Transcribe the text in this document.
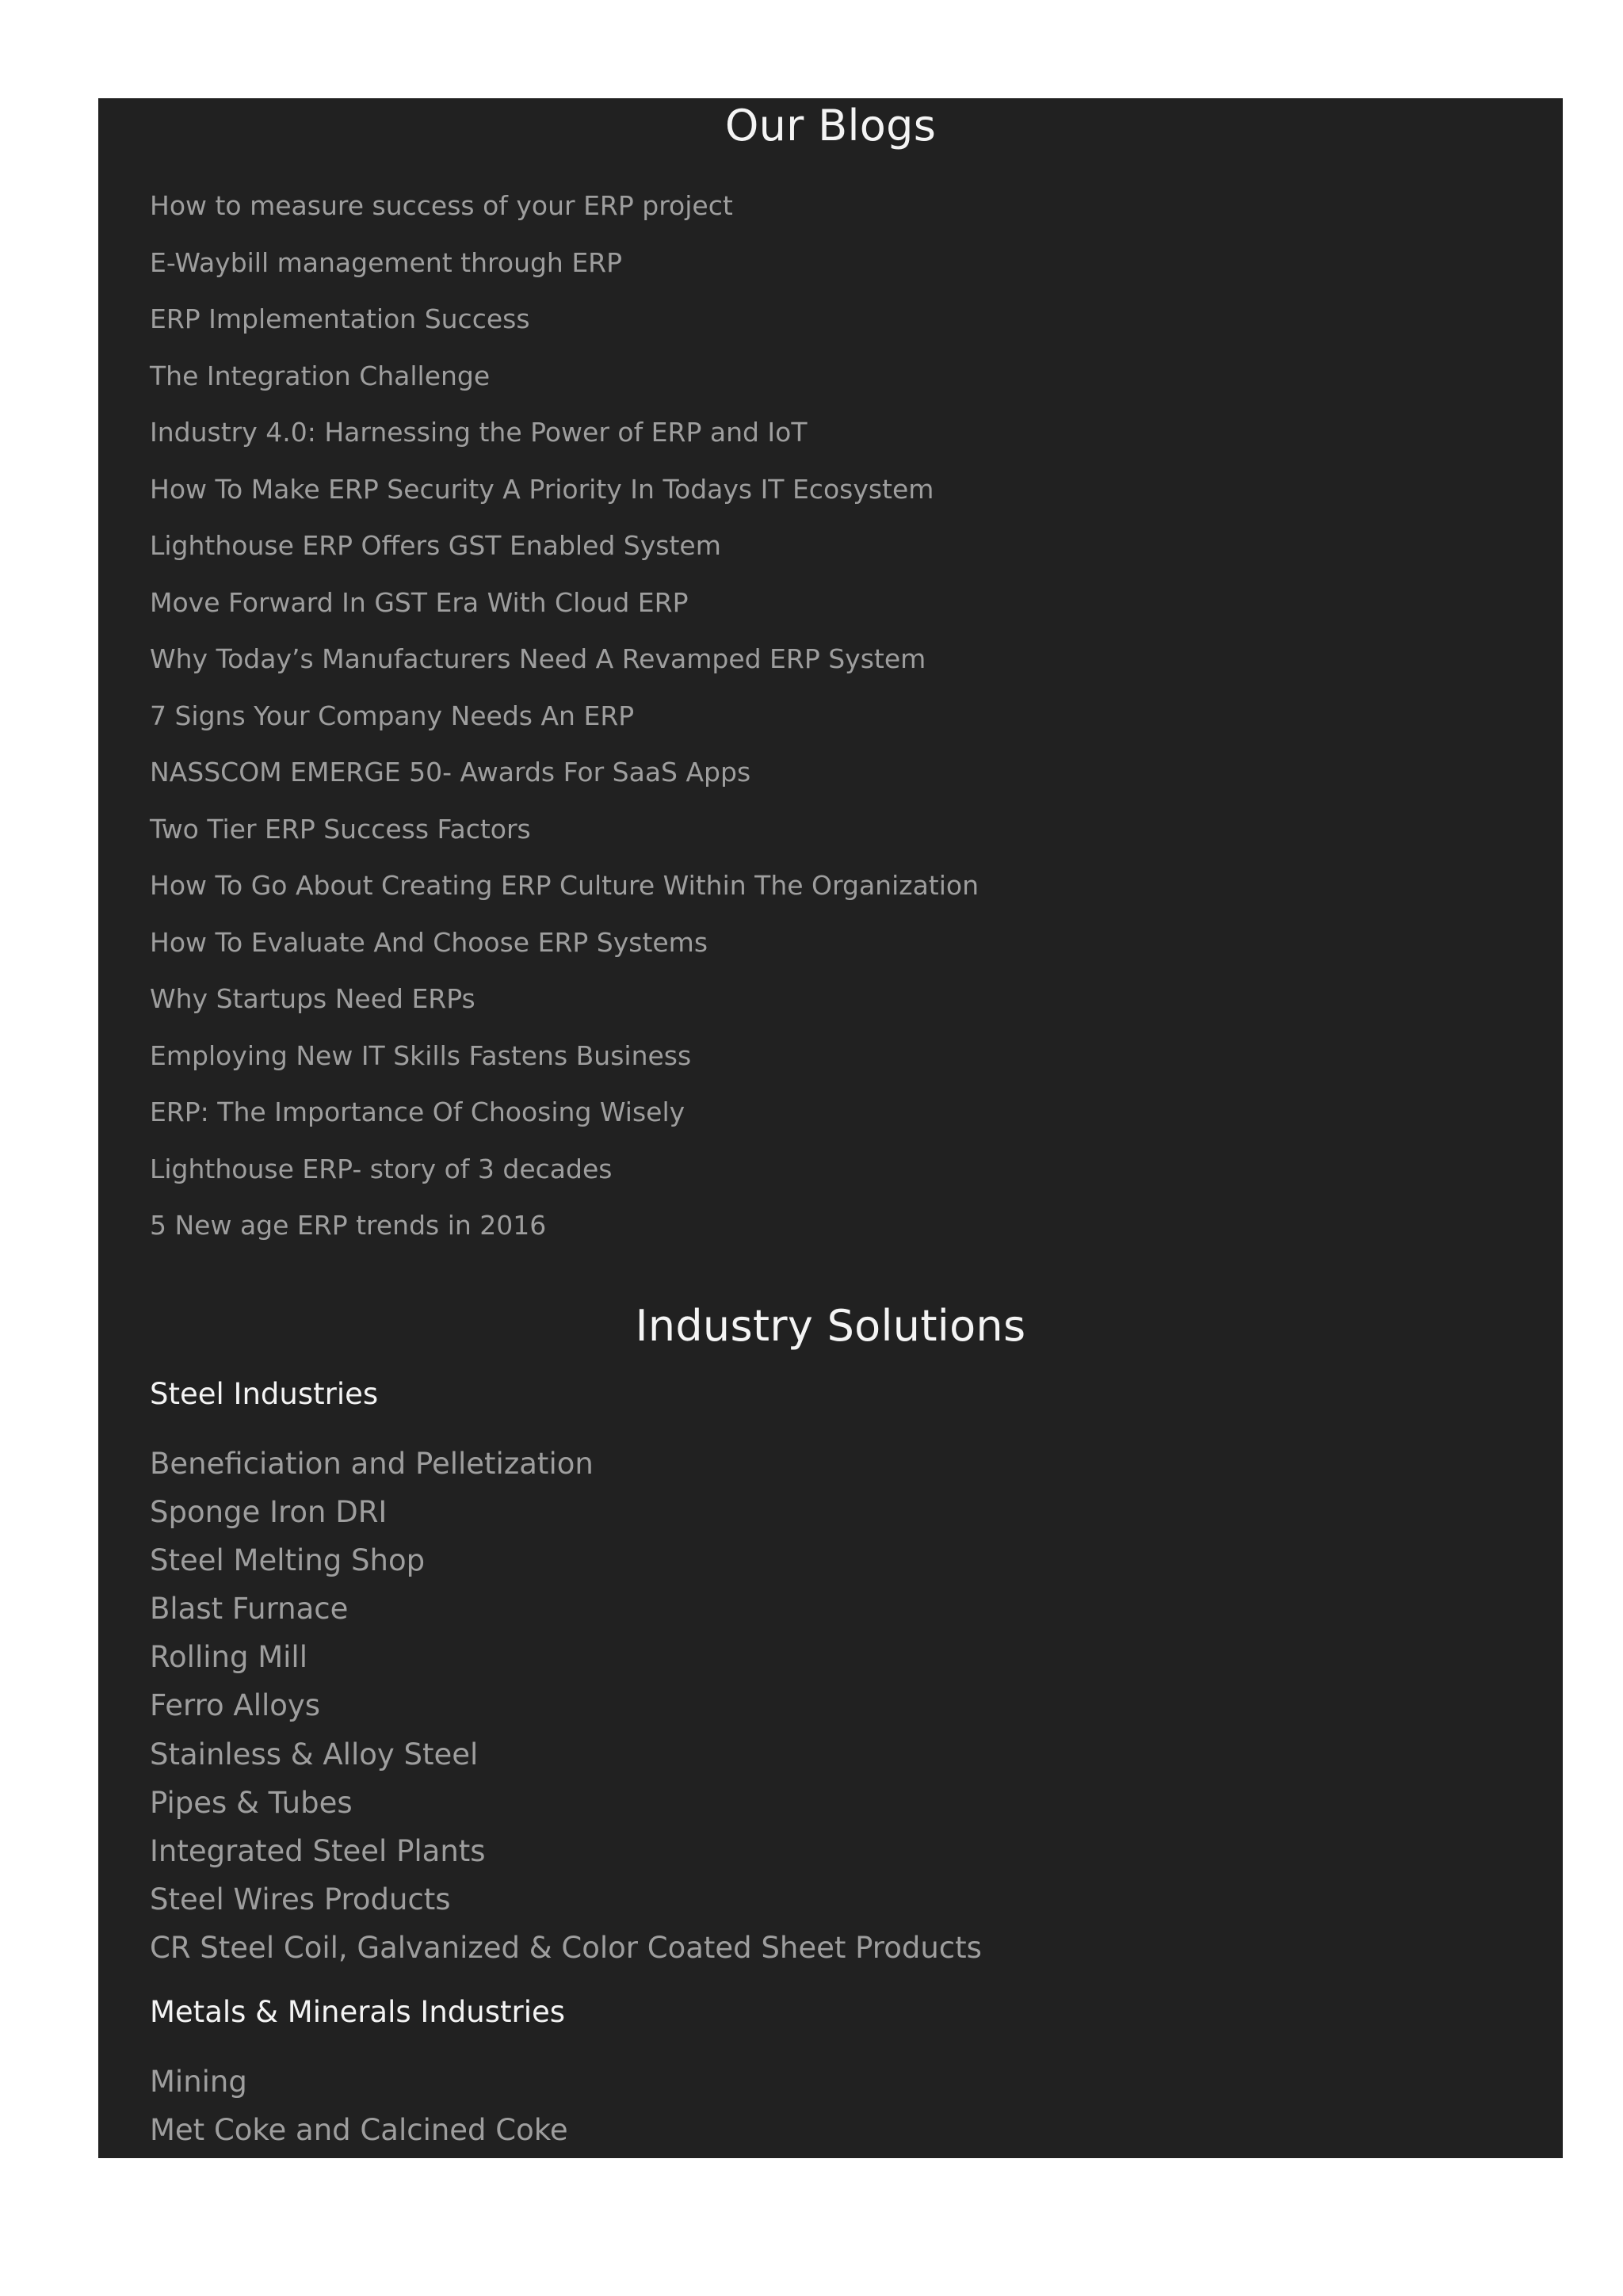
Our Blogs
How to measure success of your ERP project
E-Waybill management through ERP
ERP Implementation Success
The Integration Challenge
Industry 4.0: Harnessing the Power of ERP and IoT
How To Make ERP Security A Priority In Todays IT Ecosystem
Lighthouse ERP Offers GST Enabled System
Move Forward In GST Era With Cloud ERP
Why Today’s Manufacturers Need A Revamped ERP System
7 Signs Your Company Needs An ERP
NASSCOM EMERGE 50- Awards For SaaS Apps
Two Tier ERP Success Factors
How To Go About Creating ERP Culture Within The Organization
How To Evaluate And Choose ERP Systems
Why Startups Need ERPs
Employing New IT Skills Fastens Business
ERP: The Importance Of Choosing Wisely
Lighthouse ERP- story of 3 decades
5 New age ERP trends in 2016
Industry Solutions
Steel Industries
Beneficiation and Pelletization
Sponge Iron DRI
Steel Melting Shop
Blast Furnace
Rolling Mill
Ferro Alloys
Stainless & Alloy Steel
Pipes & Tubes
Integrated Steel Plants
Steel Wires Products
CR Steel Coil, Galvanized & Color Coated Sheet Products
Metals & Minerals Industries
Mining
Met Coke and Calcined Coke
